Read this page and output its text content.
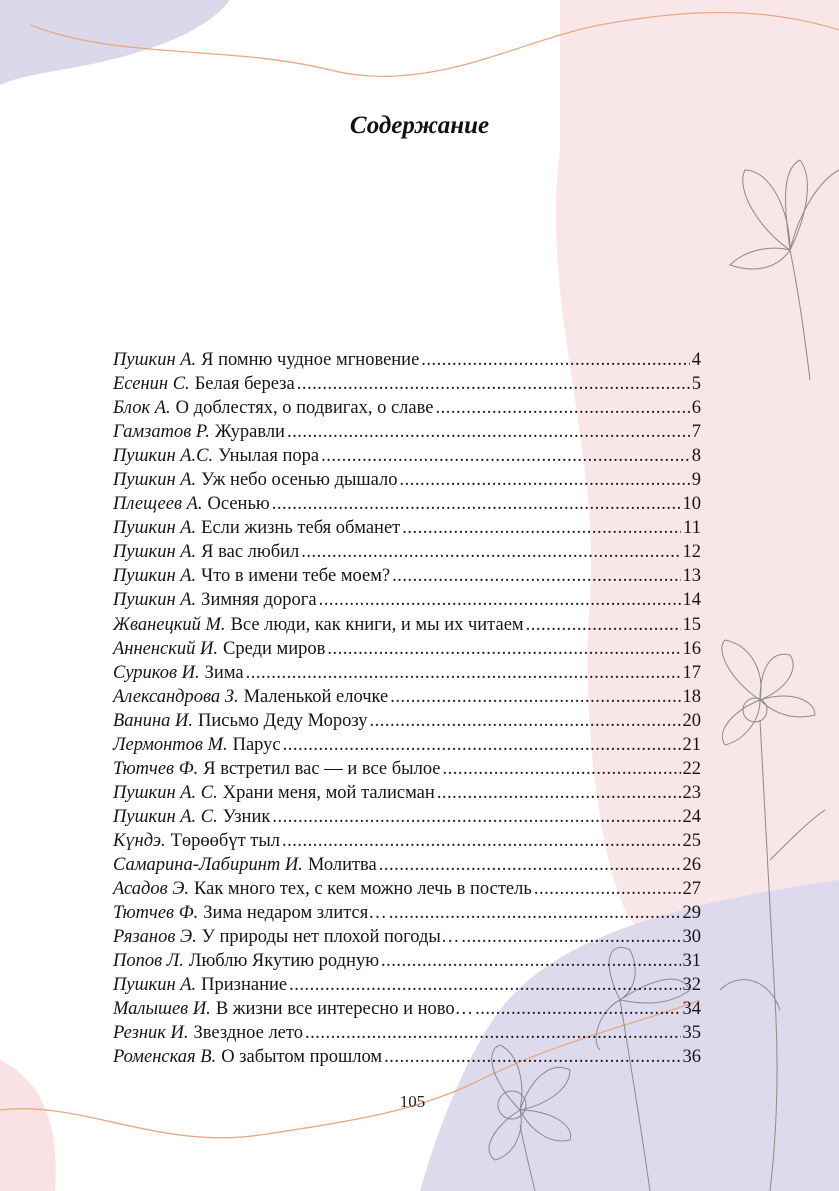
Содержание
Пушкин А. Я помню чудное мгновение .....	4
Есенин С. Белая береза .....	5
Блок А. О доблестях, о подвигах, о славе .....	6
Гамзатов Р. Журавли .....	7
Пушкин А.С. Унылая пора .....	8
Пушкин А. Уж небо осенью дышало .....	9
Плещеев А. Осенью .....	10
Пушкин А. Если жизнь тебя обманет .....	11
Пушкин А. Я вас любил .....	12
Пушкин А. Что в имени тебе моем? .....	13
Пушкин А. Зимняя дорога .....	14
Жванецкий М. Все люди, как книги, и мы их читаем .....	15
Анненский И. Среди миров .....	16
Суриков И. Зима .....	17
Александрова З. Маленькой елочке .....	18
Ванина И. Письмо Деду Морозу .....	20
Лермонтов М. Парус .....	21
Тютчев Ф. Я встретил вас — и все былое .....	22
Пушкин А. С. Храни меня, мой талисман .....	23
Пушкин А. С. Узник .....	24
Күндэ. Төрөөбүт тыл .....	25
Самарина-Лабиринт И. Молитва .....	26
Асадов Э. Как много тех, с кем можно лечь в постель .....	27
Тютчев Ф. Зима недаром злится… .....	29
Рязанов Э. У природы нет плохой погоды… .....	30
Попов Л. Люблю Якутию родную .....	31
Пушкин А. Признание .....	32
Малышев И. В жизни все интересно и ново… .....	34
Резник И. Звездное лето .....	35
Роменская В. О забытом прошлом .....	36
105
